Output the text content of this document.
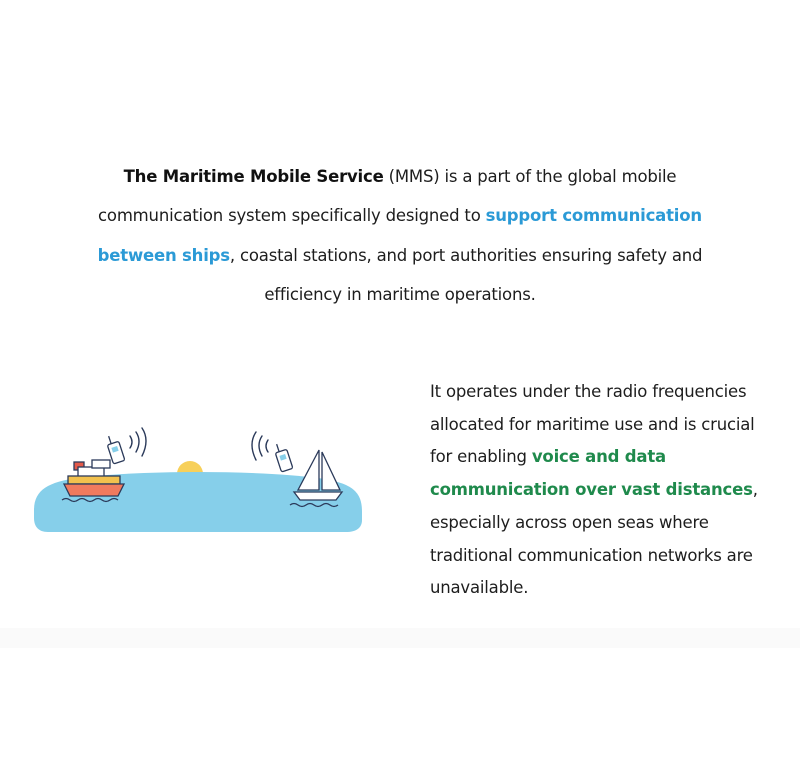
The Maritime Mobile Service (MMS) is a part of the global mobile communication system specifically designed to support communication between ships, coastal stations, and port authorities ensuring safety and efficiency in maritime operations.

It operates under the radio frequencies allocated for maritime use and is crucial for enabling voice and data communication over vast distances, especially across open seas where traditional communication networks are unavailable.
